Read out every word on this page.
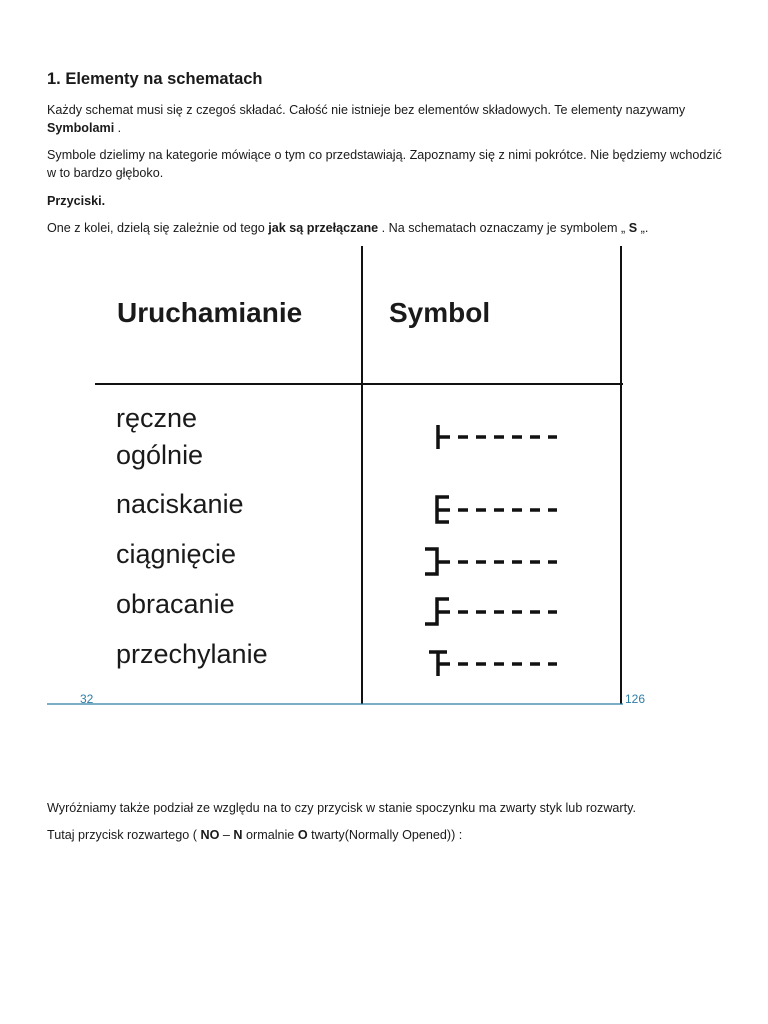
1. Elementy na schematach

Każdy schemat musi się z czegoś składać. Całość nie istnieje bez elementów składowych. Te elementy nazywamy Symbolami .

Symbole dzielimy na kategorie mówiące o tym co przedstawiają. Zapoznamy się z nimi pokrótce. Nie będziemy wchodzić w to bardzo głęboko.

Przyciski.

One z kolei, dzielą się zależnie od tego jak są przełączane . Na schematach oznaczamy je symbolem „ S „.

Wyróżniamy także podział ze względu na to czy przycisk w stanie spoczynku ma zwarty styk lub rozwarty.

Tutaj przycisk rozwartego ( NO – N ormalnie O twarty(Normally Opened)) :

Uruchamianie	Symbol
ręczne
ogólnie
naciskanie
ciągnięcie
obracanie
przechylanie
32	126
